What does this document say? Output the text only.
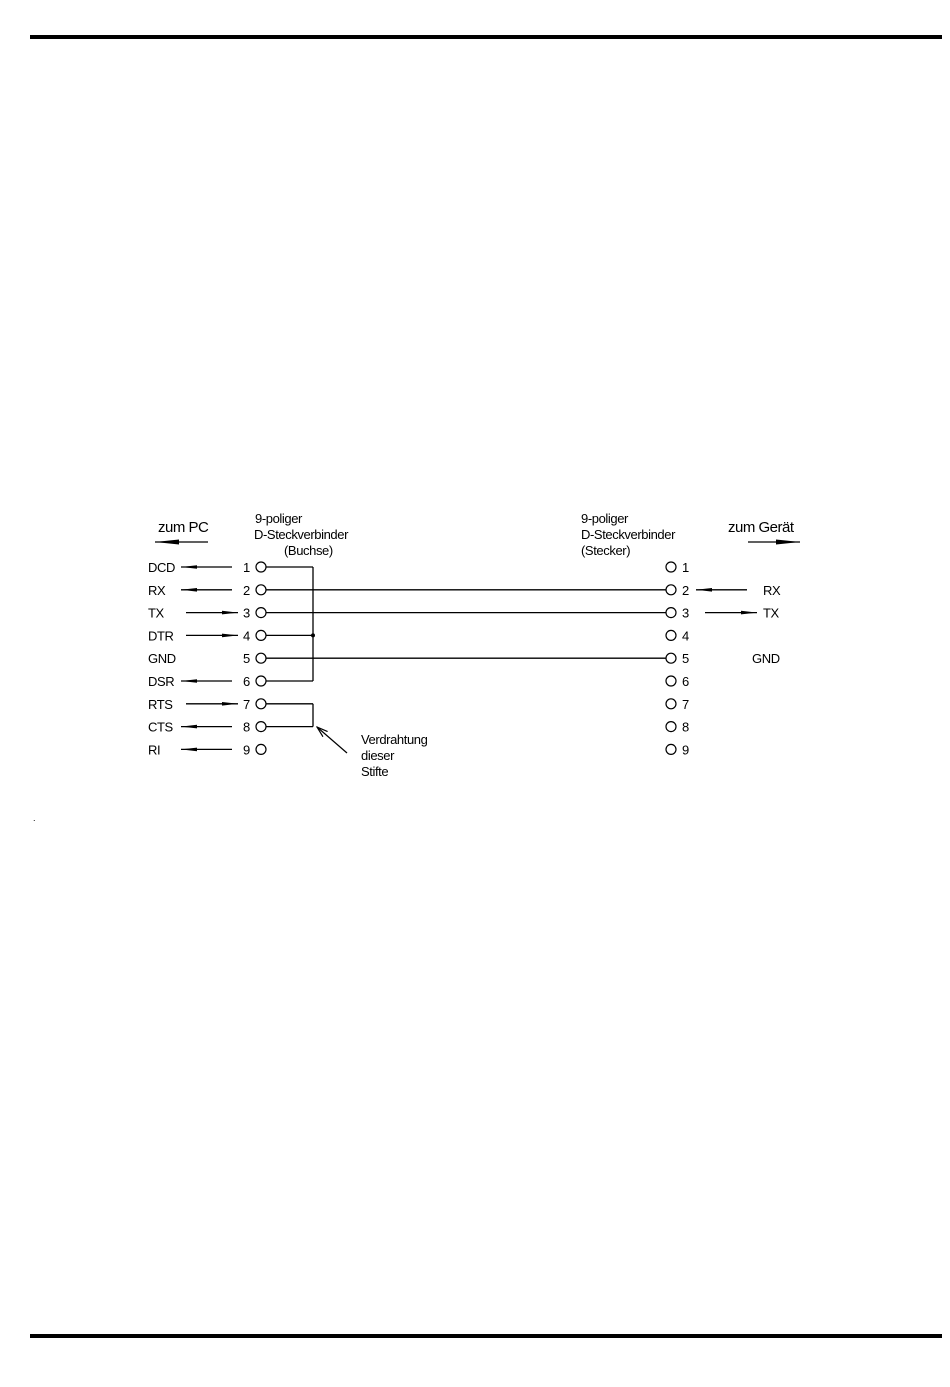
.
zum PC	zum Gerät
9-poliger
D-Steckverbinder
(Buchse)
9-poliger
D-Steckverbinder
(Stecker)
Verdrahtung
dieser
Stifte
DCD	1
RX	2
TX	3
DTR	4
GND	5
DSR	6
RTS	7
CTS	8
RI	9
1
2	RX
3	TX
4
5	GND
6
7
8
9
